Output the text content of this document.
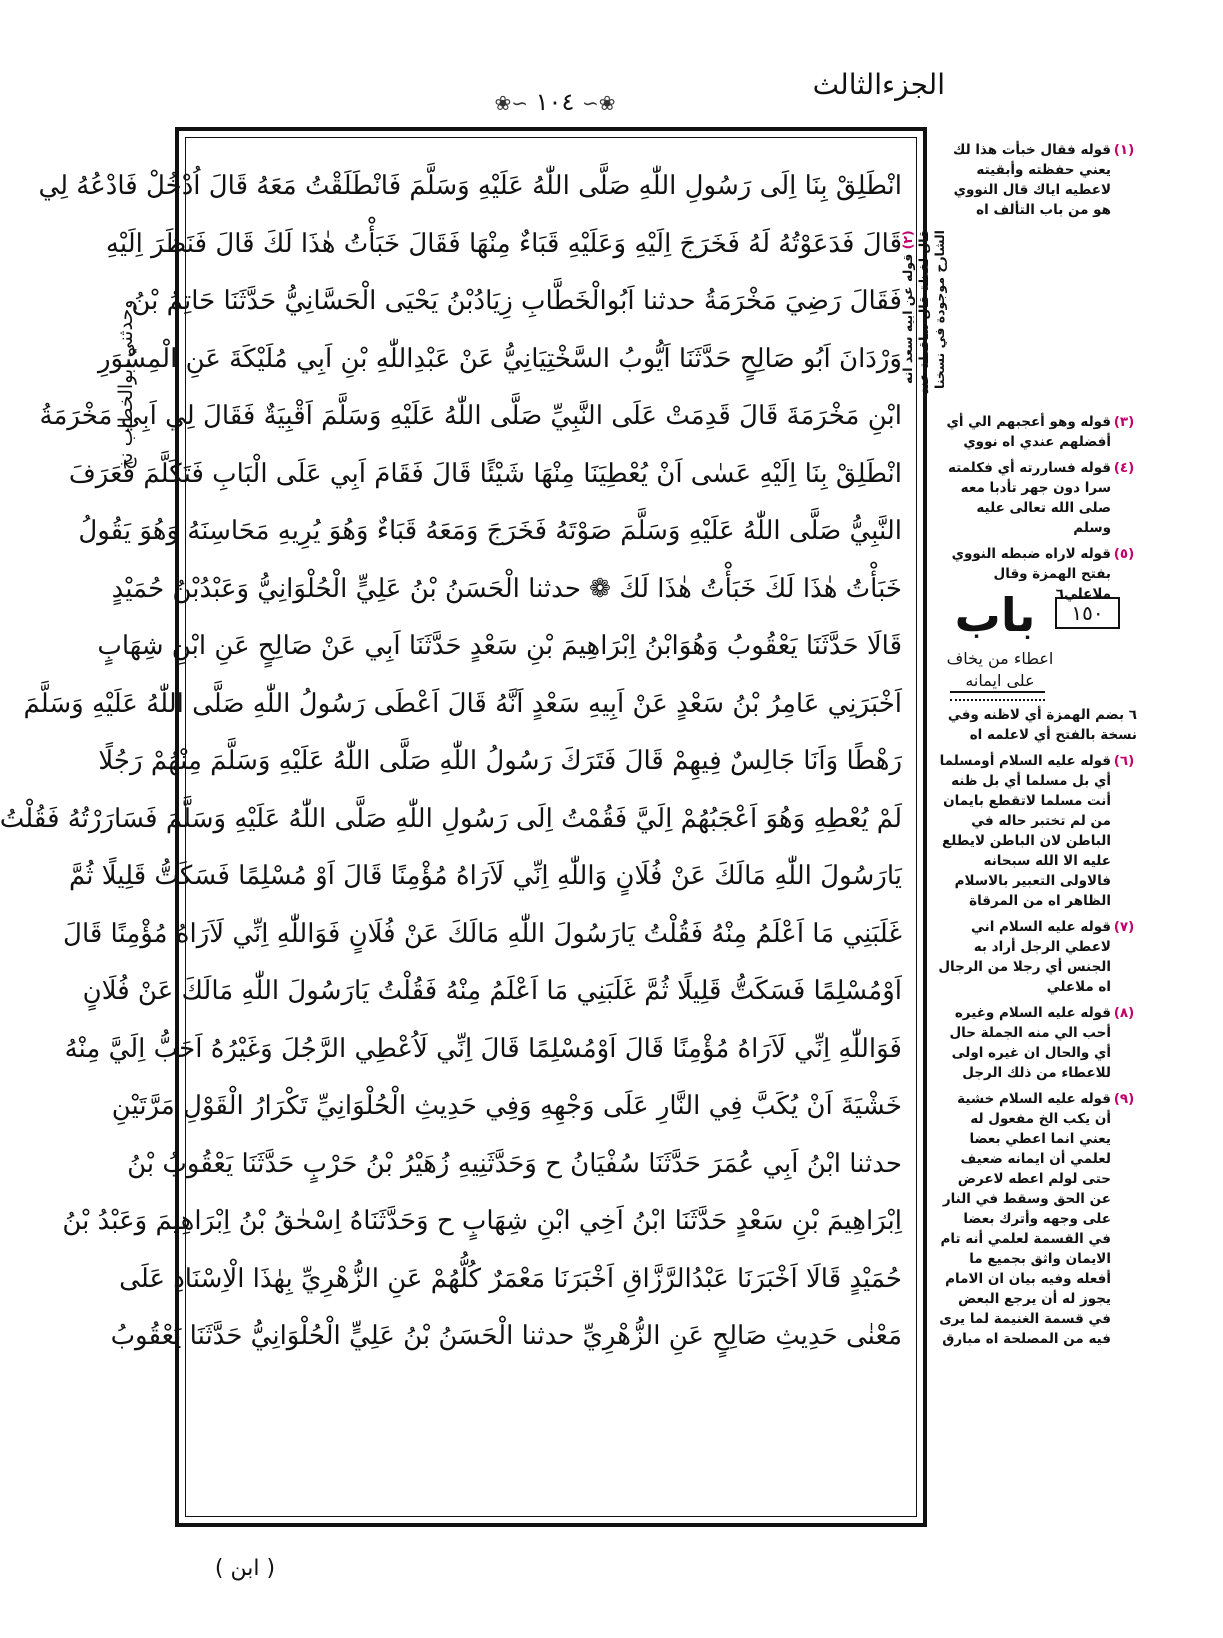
الجزءالثالث
❀∽ ١٠٤ ∽❀
وحدثني ابوالخطاب نخ
انْطَلِقْ بِنَا اِلَى رَسُولِ اللّٰهِ صَلَّى اللّٰهُ عَلَيْهِ وَسَلَّمَ فَانْطَلَقْتُ مَعَهُ قَالَ اُدْخُلْ فَادْعُهُ لِي
قَالَ فَدَعَوْتُهُ لَهُ فَخَرَجَ اِلَيْهِ وَعَلَيْهِ قَبَاءٌ مِنْهَا فَقَالَ خَبَأْتُ هٰذَا لَكَ قَالَ فَنَظَرَ اِلَيْهِ
فَقَالَ رَضِيَ مَخْرَمَةُ حدثنا اَبُوالْخَطَّابِ زِيَادُبْنُ يَحْيَى الْحَسَّانِيُّ حَدَّثَنَا حَاتِمُ بْنُ
وَرْدَانَ اَبُو صَالِحٍ حَدَّثَنَا اَيُّوبُ السَّخْتِيَانِيُّ عَنْ عَبْدِاللّٰهِ بْنِ اَبِي مُلَيْكَةَ عَنِ الْمِسْوَرِ
ابْنِ مَخْرَمَةَ قَالَ قَدِمَتْ عَلَى النَّبِيِّ صَلَّى اللّٰهُ عَلَيْهِ وَسَلَّمَ اَقْبِيَةٌ فَقَالَ لِي اَبِي مَخْرَمَةُ
انْطَلِقْ بِنَا اِلَيْهِ عَسٰى اَنْ يُعْطِيَنَا مِنْهَا شَيْئًا قَالَ فَقَامَ اَبِي عَلَى الْبَابِ فَتَكَلَّمَ فَعَرَفَ
النَّبِيُّ صَلَّى اللّٰهُ عَلَيْهِ وَسَلَّمَ صَوْتَهُ فَخَرَجَ وَمَعَهُ قَبَاءٌ وَهُوَ يُرِيهِ مَحَاسِنَهُ وَهُوَ يَقُولُ
خَبَأْتُ هٰذَا لَكَ خَبَأْتُ هٰذَا لَكَ ❁ حدثنا الْحَسَنُ بْنُ عَلِيٍّ الْحُلْوَانِيُّ وَعَبْدُبْنُ حُمَيْدٍ
قَالَا حَدَّثَنَا يَعْقُوبُ وَهُوَابْنُ اِبْرَاهِيمَ بْنِ سَعْدٍ حَدَّثَنَا اَبِي عَنْ صَالِحٍ عَنِ ابْنِ شِهَابٍ
اَخْبَرَنِي عَامِرُ بْنُ سَعْدٍ عَنْ اَبِيهِ سَعْدٍ اَنَّهُ قَالَ اَعْطَى رَسُولُ اللّٰهِ صَلَّى اللّٰهُ عَلَيْهِ وَسَلَّمَ
رَهْطًا وَاَنَا جَالِسٌ فِيهِمْ قَالَ فَتَرَكَ رَسُولُ اللّٰهِ صَلَّى اللّٰهُ عَلَيْهِ وَسَلَّمَ مِنْهُمْ رَجُلًا
لَمْ يُعْطِهِ وَهُوَ اَعْجَبُهُمْ اِلَيَّ فَقُمْتُ اِلَى رَسُولِ اللّٰهِ صَلَّى اللّٰهُ عَلَيْهِ وَسَلَّمَ فَسَارَرْتُهُ فَقُلْتُ
يَارَسُولَ اللّٰهِ مَالَكَ عَنْ فُلَانٍ وَاللّٰهِ اِنِّي لَاَرَاهُ مُؤْمِنًا قَالَ اَوْ مُسْلِمًا فَسَكَتُّ قَلِيلًا ثُمَّ
غَلَبَنِي مَا اَعْلَمُ مِنْهُ فَقُلْتُ يَارَسُولَ اللّٰهِ مَالَكَ عَنْ فُلَانٍ فَوَاللّٰهِ اِنِّي لَاَرَاهُ مُؤْمِنًا قَالَ
اَوْمُسْلِمًا فَسَكَتُّ قَلِيلًا ثُمَّ غَلَبَنِي مَا اَعْلَمُ مِنْهُ فَقُلْتُ يَارَسُولَ اللّٰهِ مَالَكَ عَنْ فُلَانٍ
فَوَاللّٰهِ اِنِّي لَاَرَاهُ مُؤْمِنًا قَالَ اَوْمُسْلِمًا قَالَ اِنِّي لَاُعْطِي الرَّجُلَ وَغَيْرُهُ اَحَبُّ اِلَيَّ مِنْهُ
خَشْيَةَ اَنْ يُكَبَّ فِي النَّارِ عَلَى وَجْهِهِ وَفِي حَدِيثِ الْحُلْوَانِيِّ تَكْرَارُ الْقَوْلِ مَرَّتَيْنِ
حدثنا ابْنُ اَبِي عُمَرَ حَدَّثَنَا سُفْيَانُ ح وَحَدَّثَنِيهِ زُهَيْرُ بْنُ حَرْبٍ حَدَّثَنَا يَعْقُوبُ بْنُ
اِبْرَاهِيمَ بْنِ سَعْدٍ حَدَّثَنَا ابْنُ اَخِي ابْنِ شِهَابٍ ح وَحَدَّثَنَاهُ اِسْحٰقُ بْنُ اِبْرَاهِيمَ وَعَبْدُ بْنُ
حُمَيْدٍ قَالَا اَخْبَرَنَا عَبْدُالرَّزَّاقِ اَخْبَرَنَا مَعْمَرٌ كُلُّهُمْ عَنِ الزُّهْرِيِّ بِهٰذَا الْاِسْنَادِ عَلَى
مَعْنٰى حَدِيثِ صَالِحٍ عَنِ الزُّهْرِيِّ حدثنا الْحَسَنُ بْنُ عَلِيٍّ الْحُلْوَانِيُّ حَدَّثَنَا يَعْقُوبُ
(١)
قوله فقال خبأت هذا لك يعني حفظته وأبقيته لاعطيه اياك قال النووي هو من باب التألف اه
(٢) قوله عن ابيه سعد انه قال لفظة قال ساقطة عند الشارح موجودة في نسخنا
(٣)
قوله وهو أعجبهم الي أي أفضلهم عندي اه نووي
(٤)
قوله فساررته أي فكلمته سرا دون جهر تأدبا معه صلى الله تعالى عليه وسلم
(٥)
قوله لاراه ضبطه النووي بفتح الهمزة وقال ملاعلي٦
١٥٠
باب
اعطاء من يخاف على ايمانه
٦ بضم الهمزة أي لاظنه وفي نسخة بالفتح أي لاعلمه اه
(٦)
قوله عليه السلام أومسلما أي بل مسلما أي بل ظنه أنت مسلما لاتقطع بايمان من لم تختبر حاله في الباطن لان الباطن لايطلع عليه الا الله سبحانه فالاولى التعبير بالاسلام الظاهر اه من المرقاة
(٧)
قوله عليه السلام اني لاعطي الرجل أراد به الجنس أي رجلا من الرجال اه ملاعلي
(٨)
قوله عليه السلام وغيره أحب الي منه الجملة حال أي والحال ان غيره اولى للاعطاء من ذلك الرجل
(٩)
قوله عليه السلام خشية أن يكب الخ مفعول له يعني انما اعطي بعضا لعلمي أن ايمانه ضعيف حتى لولم اعطه لاعرض عن الحق وسقط في النار على وجهه وأترك بعضا في القسمة لعلمي أنه تام الايمان واثق بجميع ما أفعله وفيه بيان ان الامام يجوز له أن يرجع البعض في قسمة الغنيمة لما يرى فيه من المصلحة اه مبارق
( ابن )
